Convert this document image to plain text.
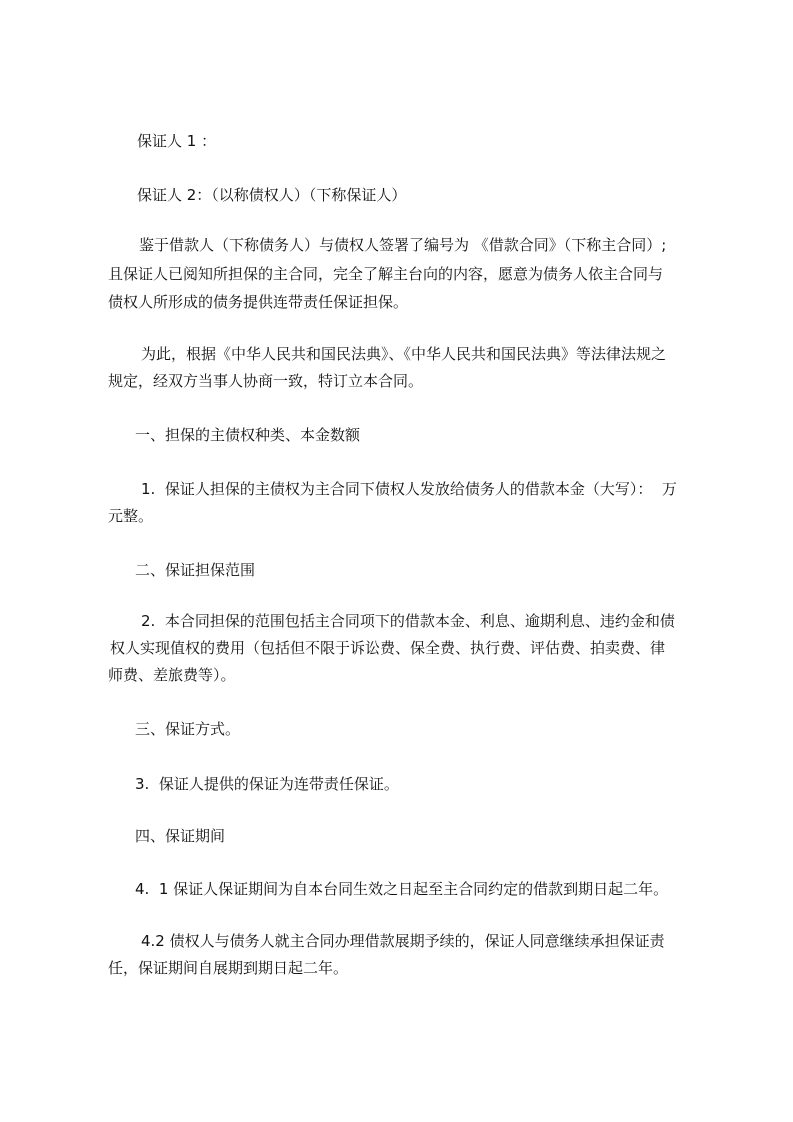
保证人 1 ：
保证人 2：（以称债权人）（下称保证人）
鉴于借款人（下称债务人）与债权人签署了编号为 《借款合同》（下称主合同）;
且保证人已阅知所担保的主合同，完全了解主台向的内容，愿意为债务人依主合同与
债权人所形成的债务提供连带责任保证担保。
为此，根据《中华人民共和国民法典》、《中华人民共和国民法典》等法律法规之
规定，经双方当事人协商一致，特订立本合同。
一、担保的主债权种类、本金数额
1.  保证人担保的主债权为主合同下债权人发放给债务人的借款本金（大写）：  万
元整。
二、保证担保范围
2.  本合同担保的范围包括主合同项下的借款本金、利息、逾期利息、违约金和债
权人实现值权的费用（包括但不限于诉讼费、保全费、执行费、评估费、拍卖费、律
师费、差旅费等）。
三、保证方式。
3.  保证人提供的保证为连带责任保证。
四、保证期间
4.  1 保证人保证期间为自本台同生效之日起至主合同约定的借款到期日起二年。
4.2 债权人与债务人就主合同办理借款展期予续的，保证人同意继续承担保证责
任，保证期间自展期到期日起二年。
